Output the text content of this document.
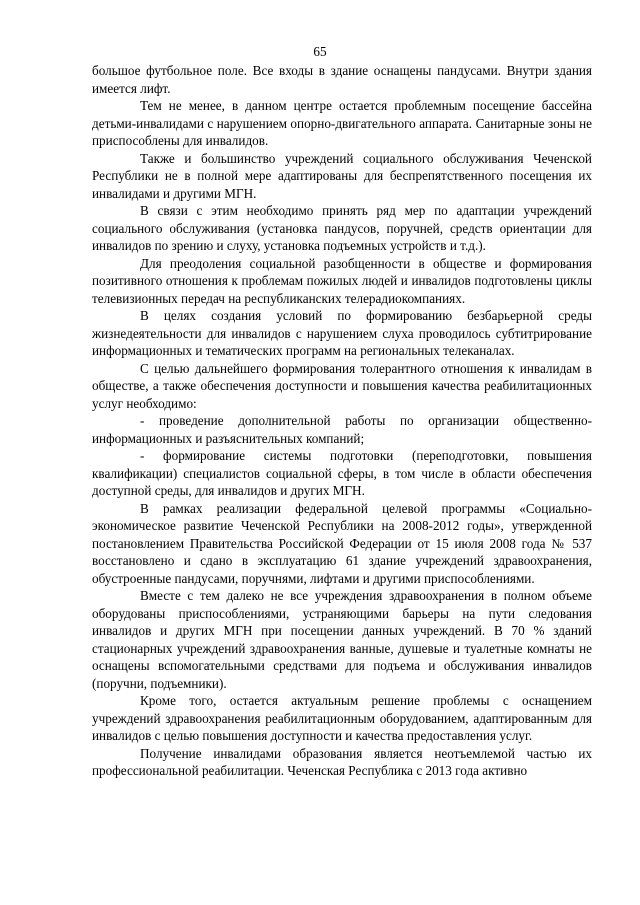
65

большое футбольное поле. Все входы в здание оснащены пандусами. Внутри здания имеется лифт.

Тем не менее, в данном центре остается проблемным посещение бассейна детьми-инвалидами с нарушением опорно-двигательного аппарата. Санитарные зоны не приспособлены для инвалидов.

Также и большинство учреждений социального обслуживания Чеченской Республики не в полной мере адаптированы для беспрепятственного посещения их инвалидами и другими МГН.

В связи с этим необходимо принять ряд мер по адаптации учреждений социального обслуживания (установка пандусов, поручней, средств ориентации для инвалидов по зрению и слуху, установка подъемных устройств и т.д.).

Для преодоления социальной разобщенности в обществе и формирования позитивного отношения к проблемам пожилых людей и инвалидов подготовлены циклы телевизионных передач на республиканских телерадиокомпаниях.

В целях создания условий по формированию безбарьерной среды жизнедеятельности для инвалидов с нарушением слуха проводилось субтитрирование информационных и тематических программ на региональных телеканалах.

С целью дальнейшего формирования толерантного отношения к инвалидам в обществе, а также обеспечения доступности и повышения качества реабилитационных услуг необходимо:

- проведение дополнительной работы по организации общественно-информационных и разъяснительных компаний;

- формирование системы подготовки (переподготовки, повышения квалификации) специалистов социальной сферы, в том числе в области обеспечения доступной среды, для инвалидов и других МГН.

В рамках реализации федеральной целевой программы «Социально-экономическое развитие Чеченской Республики на 2008-2012 годы», утвержденной постановлением Правительства Российской Федерации от 15 июля 2008 года № 537 восстановлено и сдано в эксплуатацию 61 здание учреждений здравоохранения, обустроенные пандусами, поручнями, лифтами и другими приспособлениями.

Вместе с тем далеко не все учреждения здравоохранения в полном объеме оборудованы приспособлениями, устраняющими барьеры на пути следования инвалидов и других МГН при посещении данных учреждений. В 70 % зданий стационарных учреждений здравоохранения ванные, душевые и туалетные комнаты не оснащены вспомогательными средствами для подъема и обслуживания инвалидов (поручни, подъемники).

Кроме того, остается актуальным решение проблемы с оснащением учреждений здравоохранения реабилитационным оборудованием, адаптированным для инвалидов с целью повышения доступности и качества предоставления услуг.

Получение инвалидами образования является неотъемлемой частью их профессиональной реабилитации. Чеченская Республика с 2013 года активно
